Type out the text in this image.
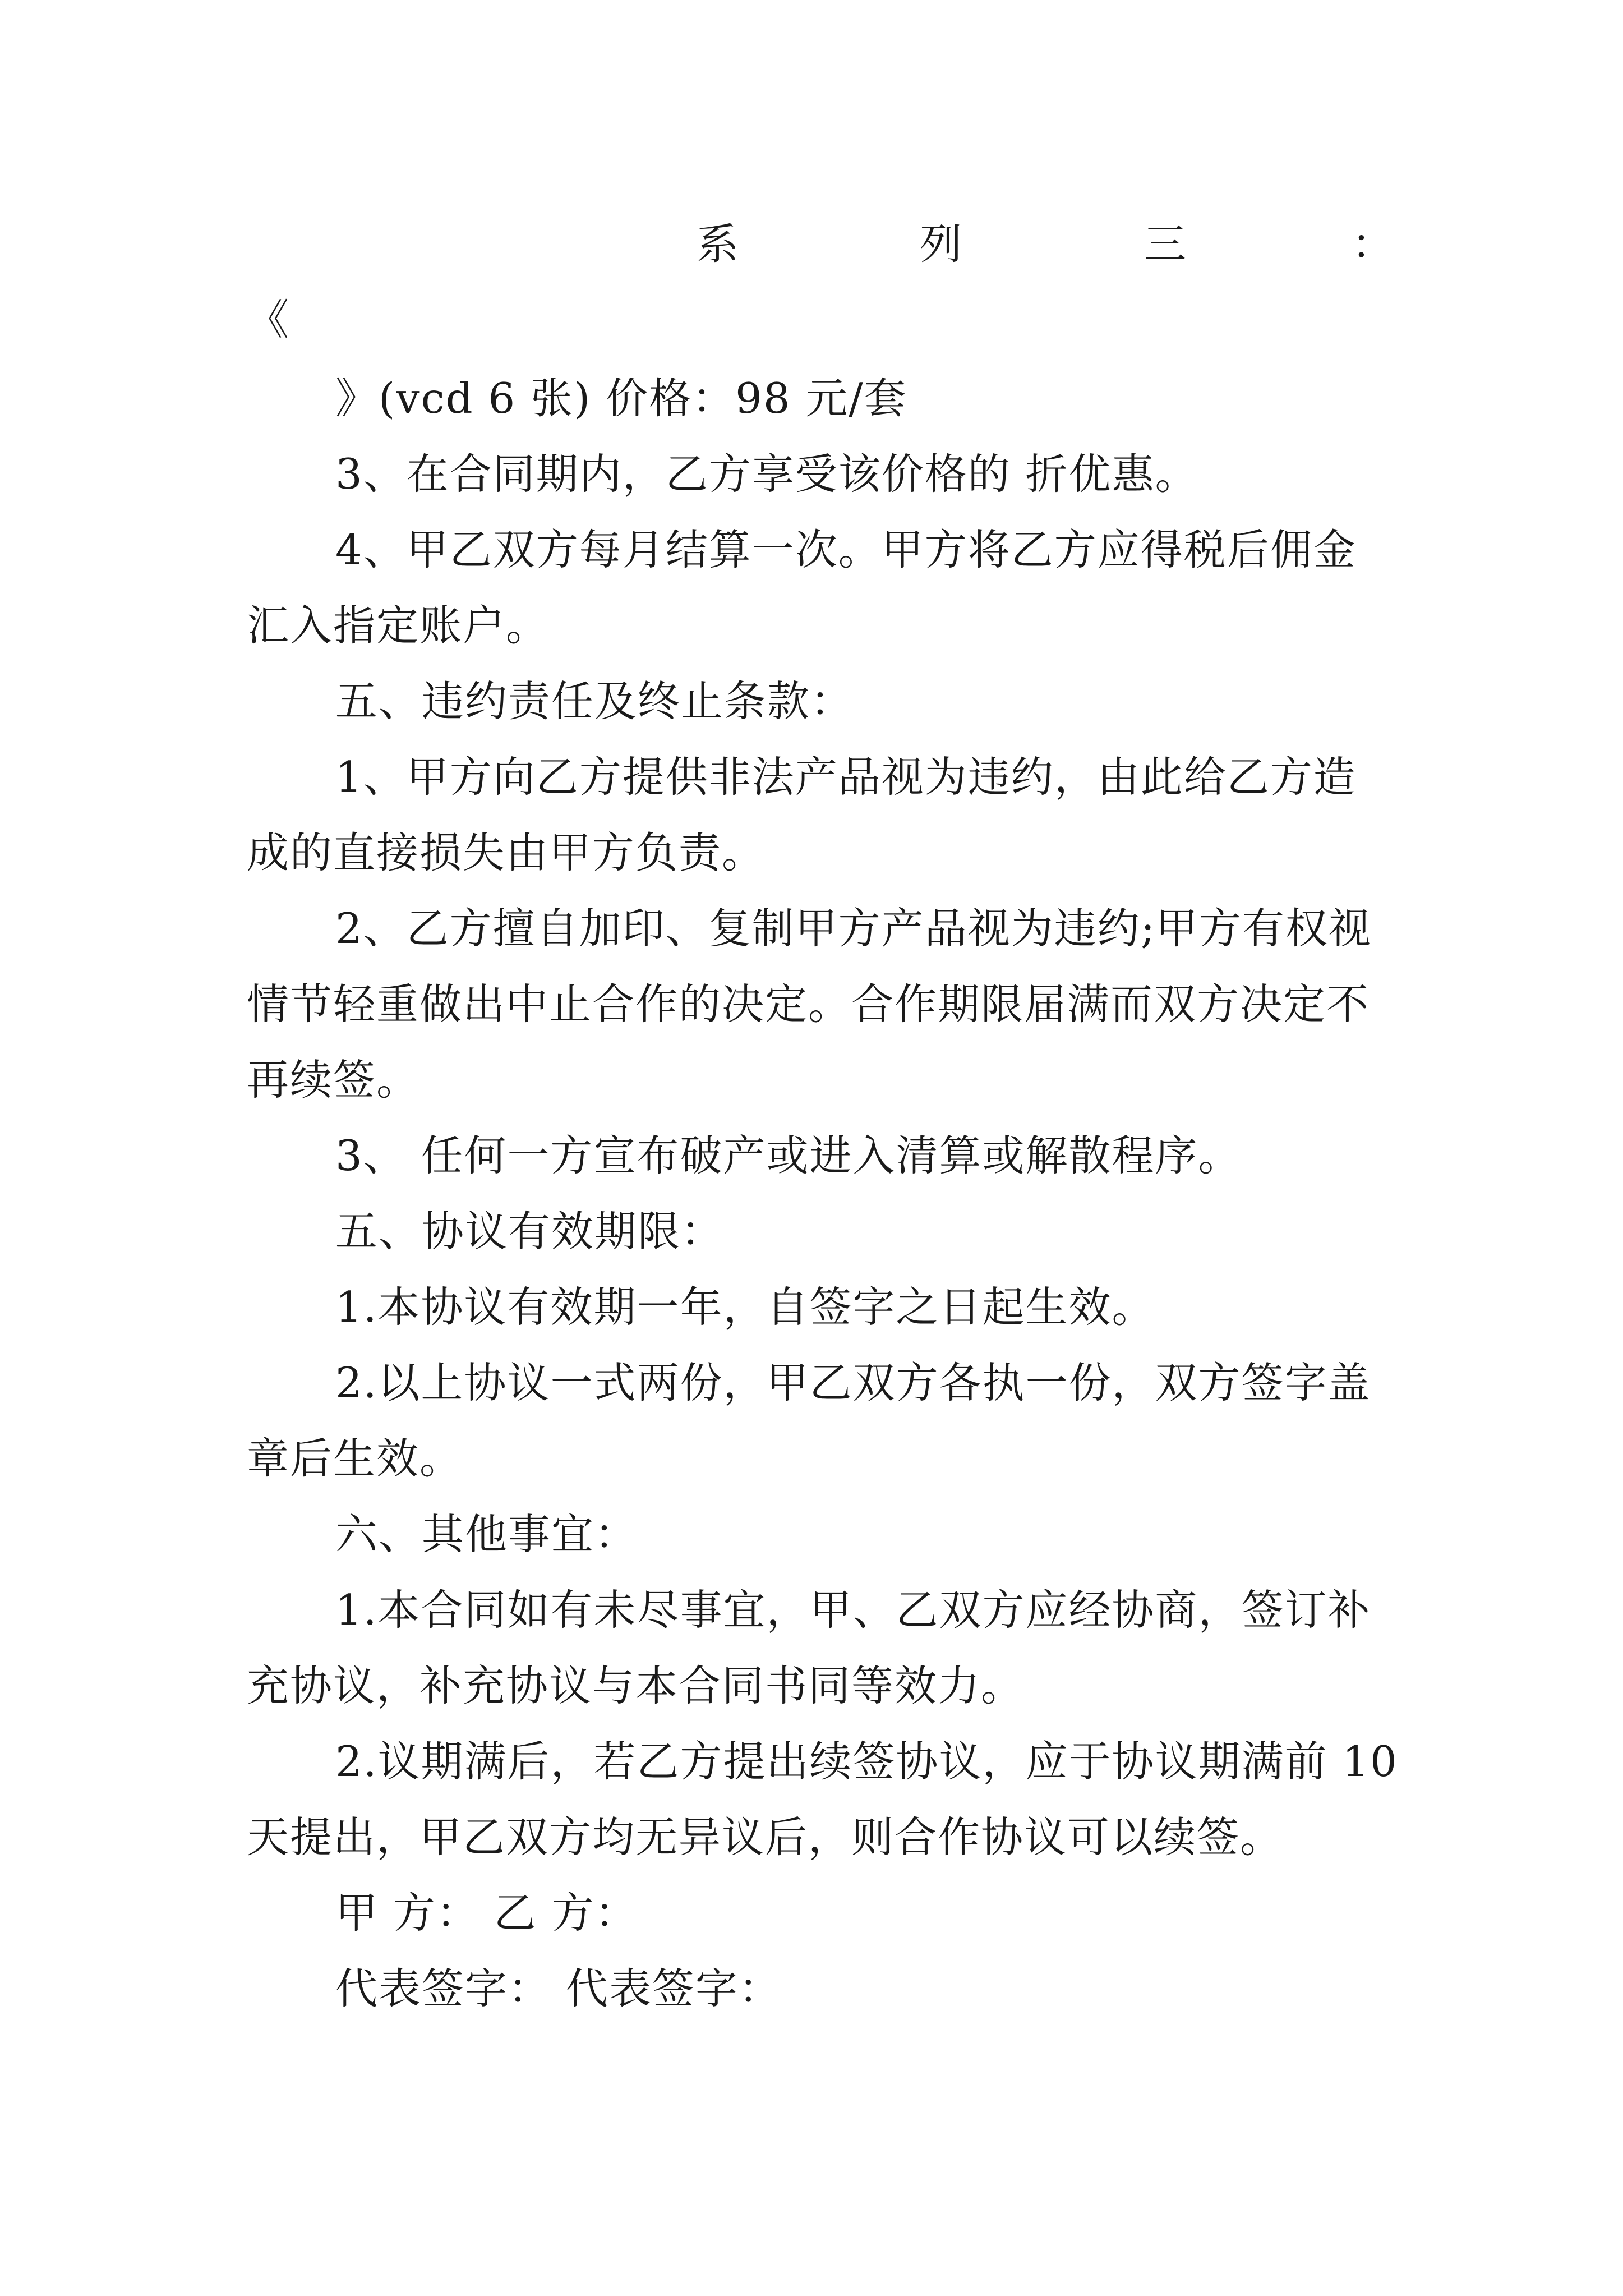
系	列	三	：
《
》(vcd 6 张) 价格：98 元/套
3、在合同期内，乙方享受该价格的 折优惠。
4、甲乙双方每月结算一次。甲方将乙方应得税后佣金
汇入指定账户。
五、违约责任及终止条款：
1、甲方向乙方提供非法产品视为违约，由此给乙方造
成的直接损失由甲方负责。
2、乙方擅自加印、复制甲方产品视为违约;甲方有权视
情节轻重做出中止合作的决定。合作期限届满而双方决定不
再续签。
3、 任何一方宣布破产或进入清算或解散程序。
五、协议有效期限：
1.本协议有效期一年，自签字之日起生效。
2.以上协议一式两份，甲乙双方各执一份，双方签字盖
章后生效。
六、其他事宜：
1.本合同如有未尽事宜，甲、乙双方应经协商，签订补
充协议，补充协议与本合同书同等效力。
2.议期满后，若乙方提出续签协议，应于协议期满前 10
天提出，甲乙双方均无异议后，则合作协议可以续签。
甲 方： 乙 方：
代表签字： 代表签字：
